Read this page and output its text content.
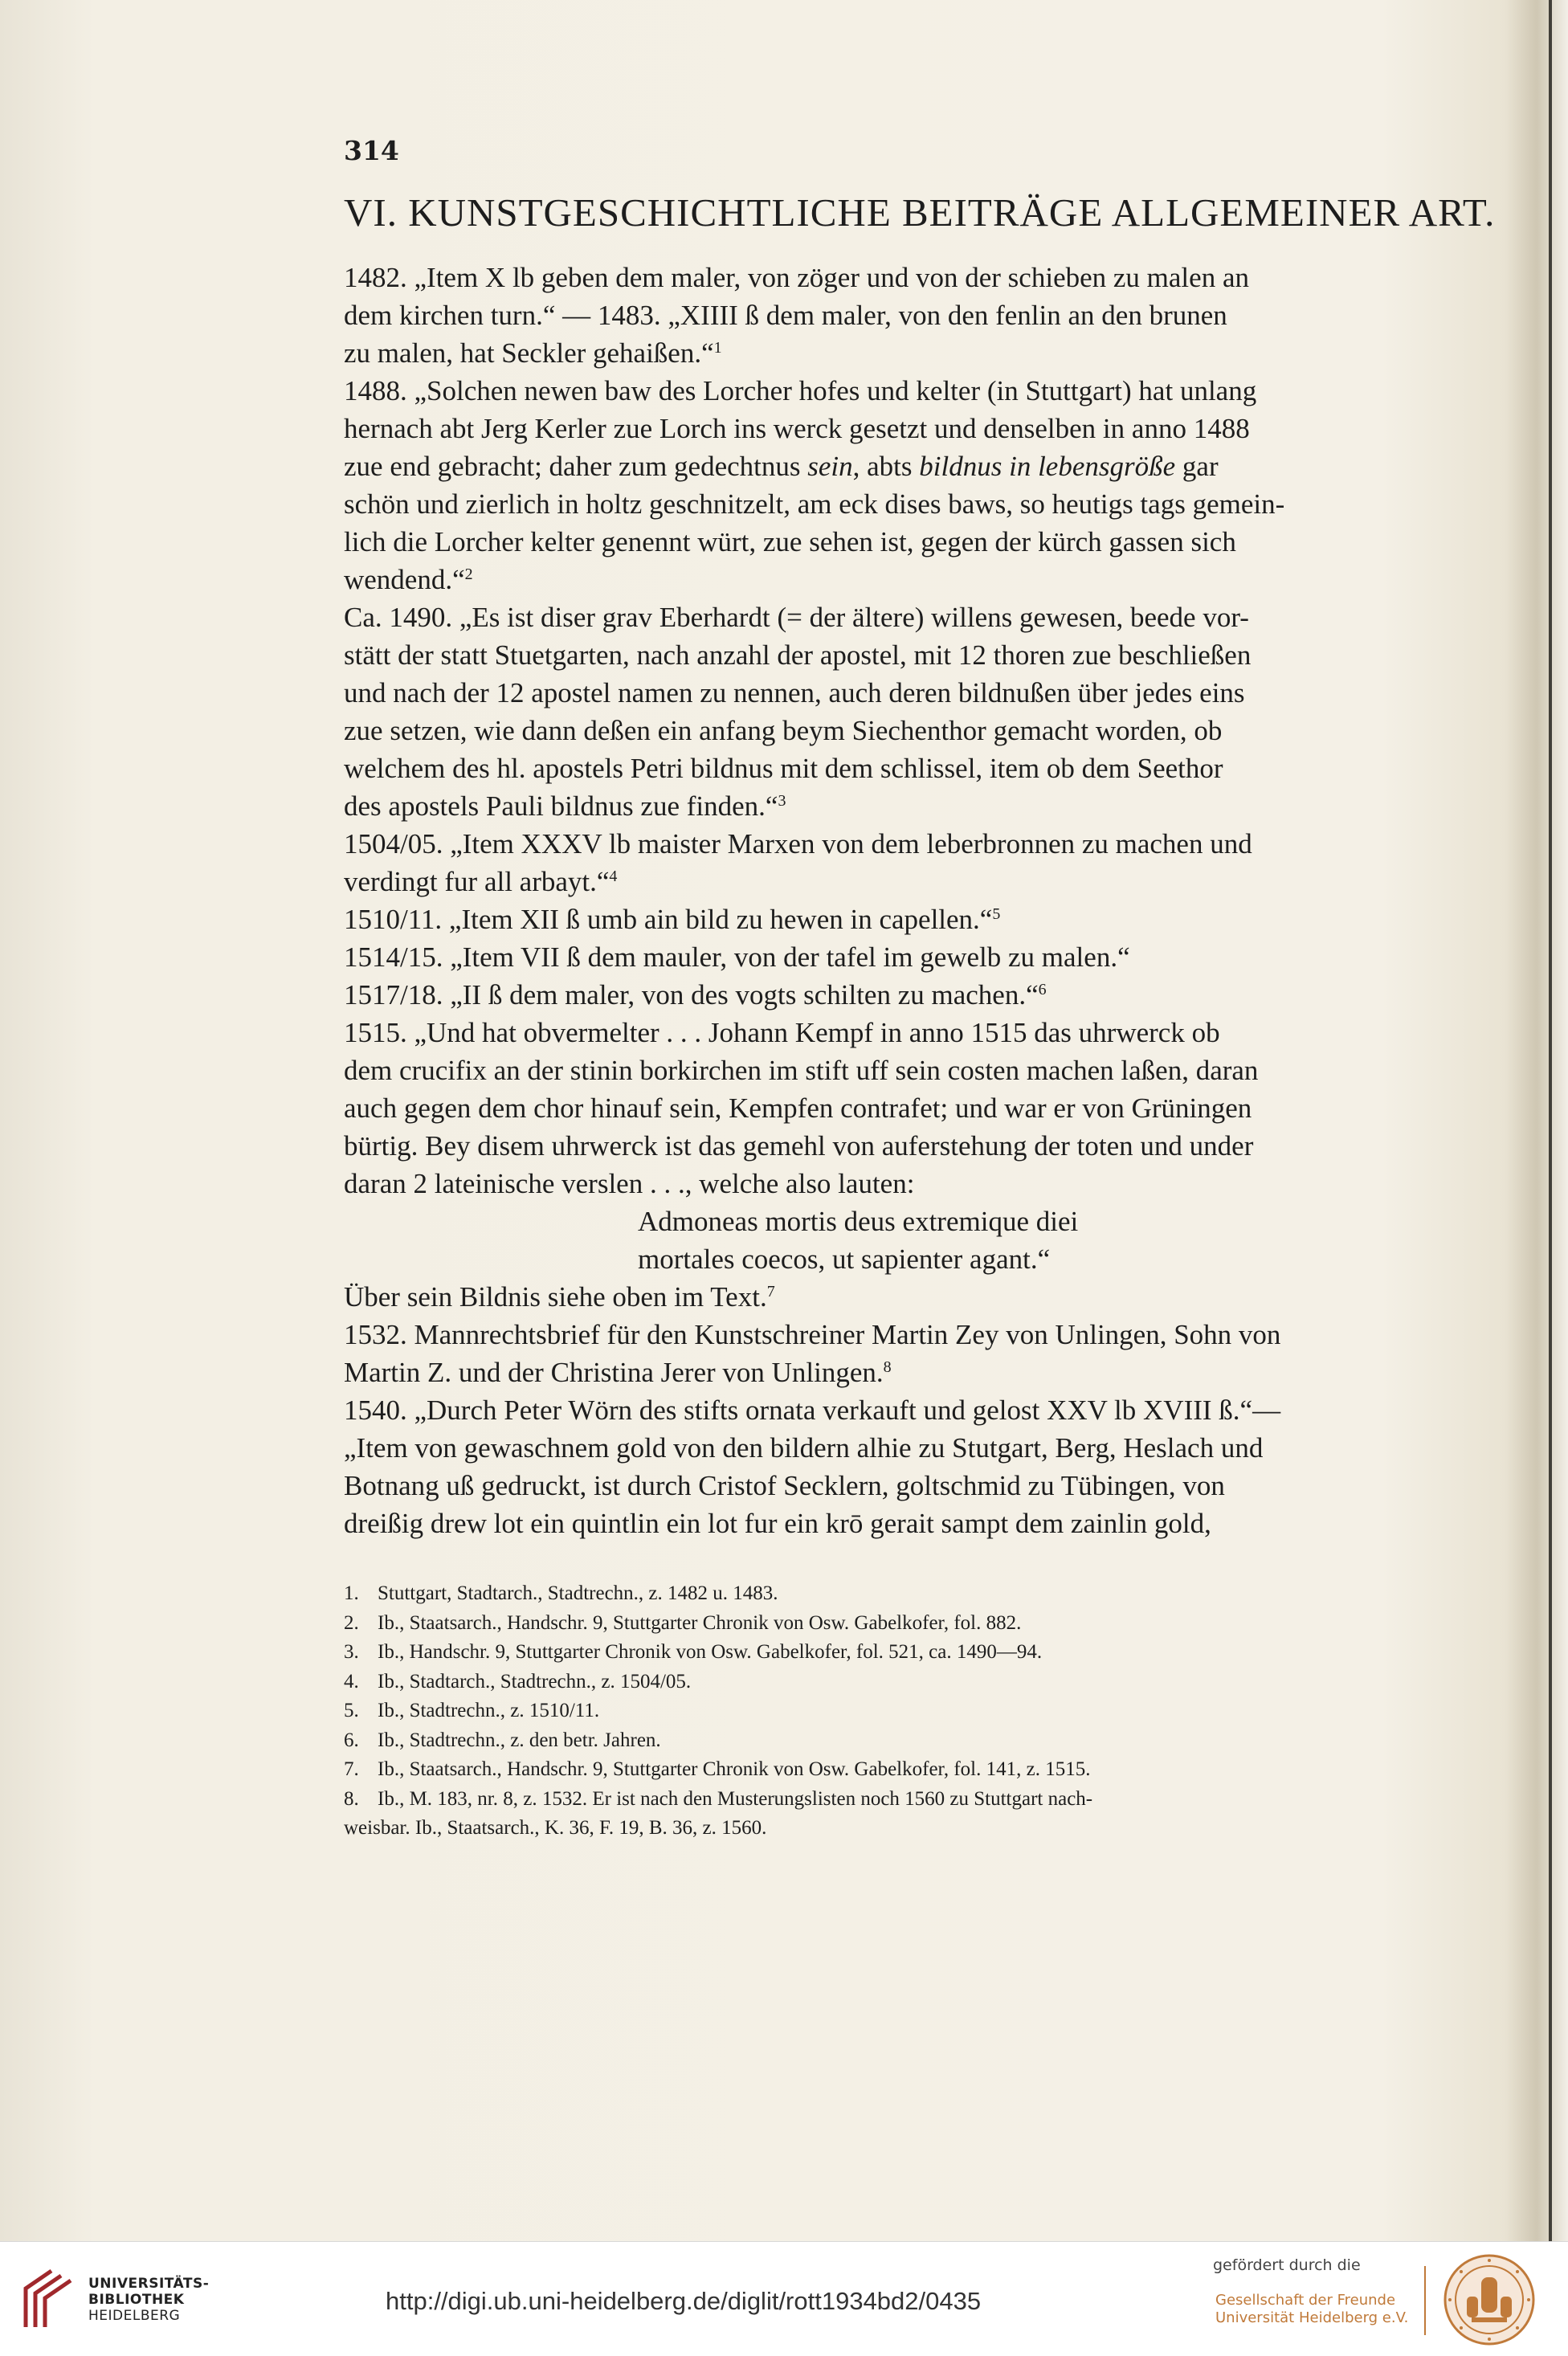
314
VI. KUNSTGESCHICHTLICHE BEITRÄGE ALLGEMEINER ART.

1482. „Item X lb geben dem maler, von zöger und von der schieben zu malen an
dem kirchen turn.“ — 1483. „XIIII ß dem maler, von den fenlin an den brunen
zu malen, hat Seckler gehaißen.“$^1$

1488. „Solchen newen baw des Lorcher hofes und kelter (in Stuttgart) hat unlang
hernach abt Jerg Kerler zue Lorch ins werck gesetzt und denselben in anno 1488
zue end gebracht; daher zum gedechtnus sein, abts bildnus in lebensgröße gar
schön und zierlich in holtz geschnitzelt, am eck dises baws, so heutigs tags gemein-
lich die Lorcher kelter genennt würt, zue sehen ist, gegen der kürch gassen sich
wendend.“$^2$

Ca. 1490. „Es ist diser grav Eberhardt (= der ältere) willens gewesen, beede vor-
stätt der statt Stuetgarten, nach anzahl der apostel, mit 12 thoren zue beschließen
und nach der 12 apostel namen zu nennen, auch deren bildnußen über jedes eins
zue setzen, wie dann deßen ein anfang beym Siechenthor gemacht worden, ob
welchem des hl. apostels Petri bildnus mit dem schlissel, item ob dem Seethor
des apostels Pauli bildnus zue finden.“$^3$

1504/05. „Item XXXV lb maister Marxen von dem leberbronnen zu machen und
verdingt fur all arbayt.“$^4$

1510/11. „Item XII ß umb ain bild zu hewen in capellen.“$^5$

1514/15. „Item VII ß dem mauler, von der tafel im gewelb zu malen.“

1517/18. „II ß dem maler, von des vogts schilten zu machen.“$^6$

1515. „Und hat obvermelter . . . Johann Kempf in anno 1515 das uhrwerck ob
dem crucifix an der stinin borkirchen im stift uff sein costen machen laßen, daran
auch gegen dem chor hinauf sein, Kempfen contrafet; und war er von Grüningen
bürtig. Bey disem uhrwerck ist das gemehl von auferstehung der toten und under
daran 2 lateinische verslen . . ., welche also lauten:

Admoneas mortis deus extremique diei
mortales coecos, ut sapienter agant.“

Über sein Bildnis siehe oben im Text.$^7$

1532. Mannrechtsbrief für den Kunstschreiner Martin Zey von Unlingen, Sohn von
Martin Z. und der Christina Jerer von Unlingen.$^8$

1540. „Durch Peter Wörn des stifts ornata verkauft und gelost XXV lb XVIII ß.“—
„Item von gewaschnem gold von den bildern alhie zu Stutgart, Berg, Heslach und
Botnang uß gedruckt, ist durch Cristof Secklern, goltschmid zu Tübingen, von
dreißig drew lot ein quintlin ein lot fur ein krō gerait sampt dem zainlin gold,

1. Stuttgart, Stadtarch., Stadtrechn., z. 1482 u. 1483.

2. Ib., Staatsarch., Handschr. 9, Stuttgarter Chronik von Osw. Gabelkofer, fol. 882.

3. Ib., Handschr. 9, Stuttgarter Chronik von Osw. Gabelkofer, fol. 521, ca. 1490—94.

4. Ib., Stadtarch., Stadtrechn., z. 1504/05.

5. Ib., Stadtrechn., z. 1510/11.

6. Ib., Stadtrechn., z. den betr. Jahren.

7. Ib., Staatsarch., Handschr. 9, Stuttgarter Chronik von Osw. Gabelkofer, fol. 141, z. 1515.

8. Ib., M. 183, nr. 8, z. 1532. Er ist nach den Musterungslisten noch 1560 zu Stuttgart nach-

weisbar. Ib., Staatsarch., K. 36, F. 19, B. 36, z. 1560.

UNIVERSITÄTS-
BIBLIOTHEK
HEIDELBERG
http://digi.ub.uni-heidelberg.de/diglit/rott1934bd2/0435
gefördert durch die
Gesellschaft der Freunde
Universität Heidelberg e.V.
